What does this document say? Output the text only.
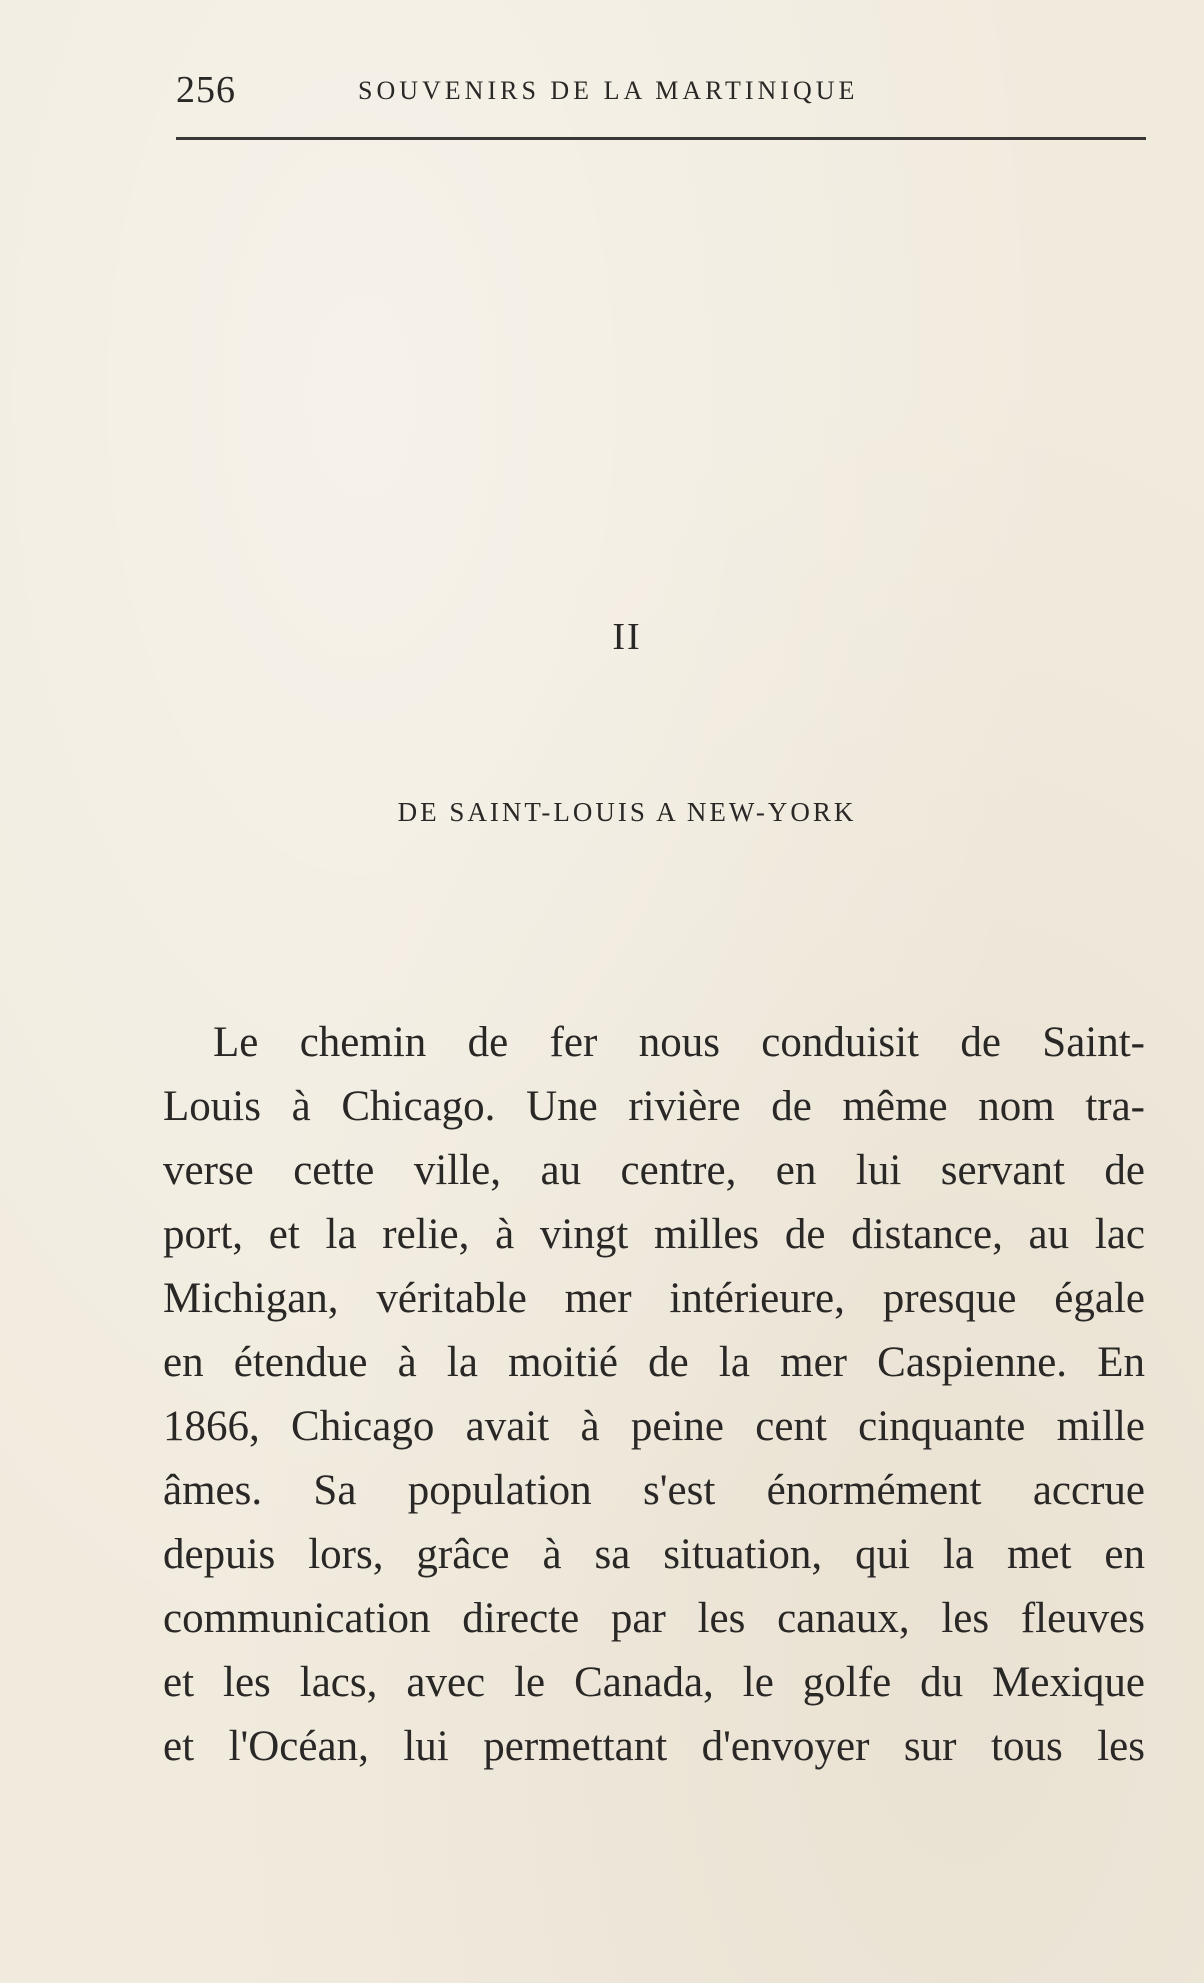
256	SOUVENIRS DE LA MARTINIQUE
II
DE SAINT-LOUIS A NEW-YORK
Le chemin de fer nous conduisit de Saint-
Louis à Chicago. Une rivière de même nom tra-
verse cette ville, au centre, en lui servant de
port, et la relie, à vingt milles de distance, au lac
Michigan, véritable mer intérieure, presque égale
en étendue à la moitié de la mer Caspienne. En
1866, Chicago avait à peine cent cinquante mille
âmes. Sa population s'est énormément accrue
depuis lors, grâce à sa situation, qui la met en
communication directe par les canaux, les fleuves
et les lacs, avec le Canada, le golfe du Mexique
et l'Océan, lui permettant d'envoyer sur tous les
